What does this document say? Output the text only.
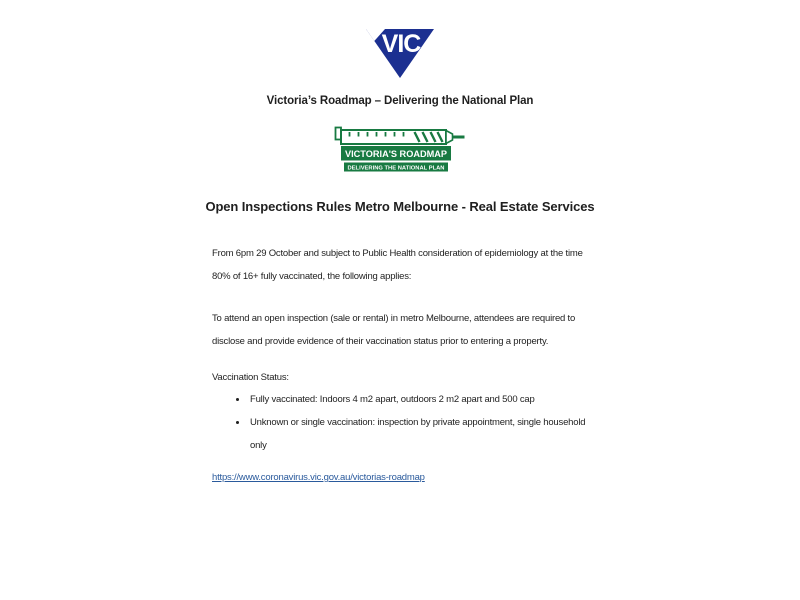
VIC
Victoria’s Roadmap – Delivering the National Plan
VICTORIA'S ROADMAP
DELIVERING THE NATIONAL PLAN
Open Inspections Rules Metro Melbourne - Real Estate Services
From 6pm 29 October and subject to Public Health consideration of epidemiology at the time 80% of 16+ fully vaccinated, the following applies:
To attend an open inspection (sale or rental) in metro Melbourne, attendees are required to disclose and provide evidence of their vaccination status prior to entering a property.
Vaccination Status:
• Fully vaccinated: Indoors 4 m2 apart, outdoors 2 m2 apart and 500 cap
• Unknown or single vaccination: inspection by private appointment, single household only
https://www.coronavirus.vic.gov.au/victorias-roadmap
